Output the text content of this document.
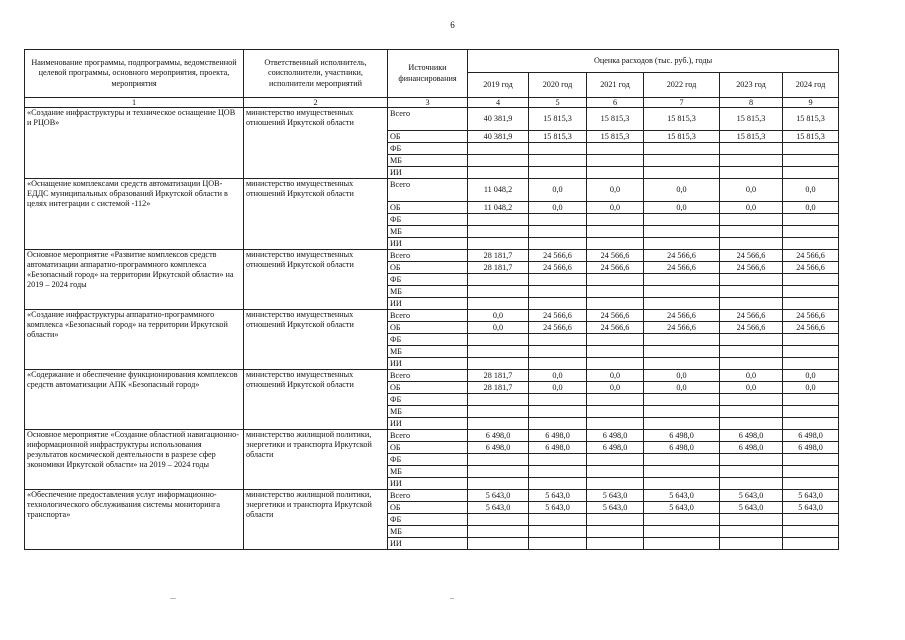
6
Наименование программы, подпрограммы, ведомственной целевой программы, основного мероприятия, проекта, мероприятия	Ответственный исполнитель, соисполнители, участники, исполнители мероприятий	Источники финансирования	Оценка расходов (тыс. руб.), годы					
			2019 год	2020 год	2021 год	2022 год	2023 год	2024 год
1	2	3	4	5	6	7	8	9
«Создание инфраструктуры и техническое оснащение ЦОВ и РЦОВ»	министерство имущественных отношений Иркутской области	Всего	40 381,9	15 815,3	15 815,3	15 815,3	15 815,3	15 815,3
		ОБ	40 381,9	15 815,3	15 815,3	15 815,3	15 815,3	15 815,3
		ФБ						
		МБ						
		ИИ						
«Оснащение комплексами средств автоматизации ЦОВ-ЕДДС муниципальных образований Иркутской области в целях интеграции с системой -112»	министерство имущественных отношений Иркутской области	Всего	11 048,2	0,0	0,0	0,0	0,0	0,0
		ОБ	11 048,2	0,0	0,0	0,0	0,0	0,0
		ФБ						
		МБ						
		ИИ						
Основное мероприятие «Развитие комплексов средств автоматизации аппаратно-программного комплекса «Безопасный город» на территории Иркутской области» на 2019 – 2024 годы	министерство имущественных отношений Иркутской области	Всего	28 181,7	24 566,6	24 566,6	24 566,6	24 566,6	24 566,6
		ОБ	28 181,7	24 566,6	24 566,6	24 566,6	24 566,6	24 566,6
		ФБ						
		МБ						
		ИИ						
«Создание инфраструктуры аппаратно-программного комплекса «Безопасный город» на территории Иркутской области»	министерство имущественных отношений Иркутской области	Всего	0,0	24 566,6	24 566,6	24 566,6	24 566,6	24 566,6
		ОБ	0,0	24 566,6	24 566,6	24 566,6	24 566,6	24 566,6
		ФБ						
		МБ						
		ИИ						
«Содержание и обеспечение функционирования комплексов средств автоматизации АПК «Безопасный город»	министерство имущественных отношений Иркутской области	Всего	28 181,7	0,0	0,0	0,0	0,0	0,0
		ОБ	28 181,7	0,0	0,0	0,0	0,0	0,0
		ФБ						
		МБ						
		ИИ						
Основное мероприятие «Создание областной навигационно-информационной инфраструктуры использования результатов космической деятельности в разрезе сфер экономики Иркутской области» на 2019 – 2024 годы	министерство жилищной политики, энергетики и транспорта Иркутской области	Всего	6 498,0	6 498,0	6 498,0	6 498,0	6 498,0	6 498,0
		ОБ	6 498,0	6 498,0	6 498,0	6 498,0	6 498,0	6 498,0
		ФБ						
		МБ						
		ИИ						
«Обеспечение предоставления услуг информационно-технологического обслуживания системы мониторинга транспорта»	министерство жилищной политики, энергетики и транспорта Иркутской области	Всего	5 643,0	5 643,0	5 643,0	5 643,0	5 643,0	5 643,0
		ОБ	5 643,0	5 643,0	5 643,0	5 643,0	5 643,0	5 643,0
		ФБ						
		МБ						
		ИИ						
